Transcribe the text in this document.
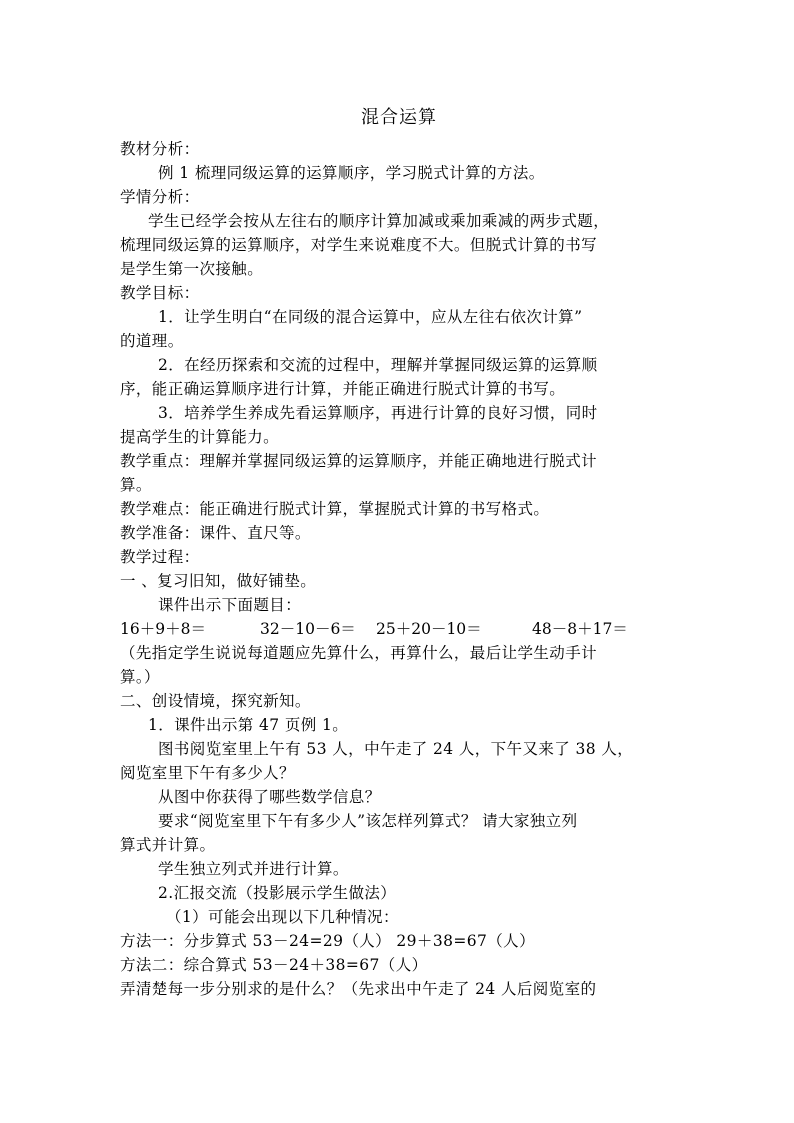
混合运算
教材分析：
例 1 梳理同级运算的运算顺序，学习脱式计算的方法。
学情分析：
学生已经学会按从左往右的顺序计算加减或乘加乘减的两步式题，
梳理同级运算的运算顺序，对学生来说难度不大。但脱式计算的书写
是学生第一次接触。
教学目标：
1．让学生明白“在同级的混合运算中，应从左往右依次计算”
的道理。
2．在经历探索和交流的过程中，理解并掌握同级运算的运算顺
序，能正确运算顺序进行计算，并能正确进行脱式计算的书写。
3．培养学生养成先看运算顺序，再进行计算的良好习惯，同时
提高学生的计算能力。
教学重点：理解并掌握同级运算的运算顺序，并能正确地进行脱式计
算。
教学难点：能正确进行脱式计算，掌握脱式计算的书写格式。
教学准备：课件、直尺等。
教学过程：
一 、复习旧知，做好铺垫。
课件出示下面题目：
16＋9＋8＝	32－10－6＝ 25＋20－10＝	48－8＋17＝
（先指定学生说说每道题应先算什么，再算什么，最后让学生动手计
算。）
二、创设情境，探究新知。
1．课件出示第 47 页例 1。
图书阅览室里上午有 53 人，中午走了 24 人，下午又来了 38 人，
阅览室里下午有多少人？
从图中你获得了哪些数学信息？
要求“阅览室里下午有多少人”该怎样列算式？ 请大家独立列
算式并计算。
学生独立列式并进行计算。
2.汇报交流（投影展示学生做法）
（1）可能会出现以下几种情况：
方法一：分步算式 53－24=29（人） 29＋38=67（人）
方法二：综合算式 53－24＋38=67（人）
弄清楚每一步分别求的是什么？（先求出中午走了 24 人后阅览室的
